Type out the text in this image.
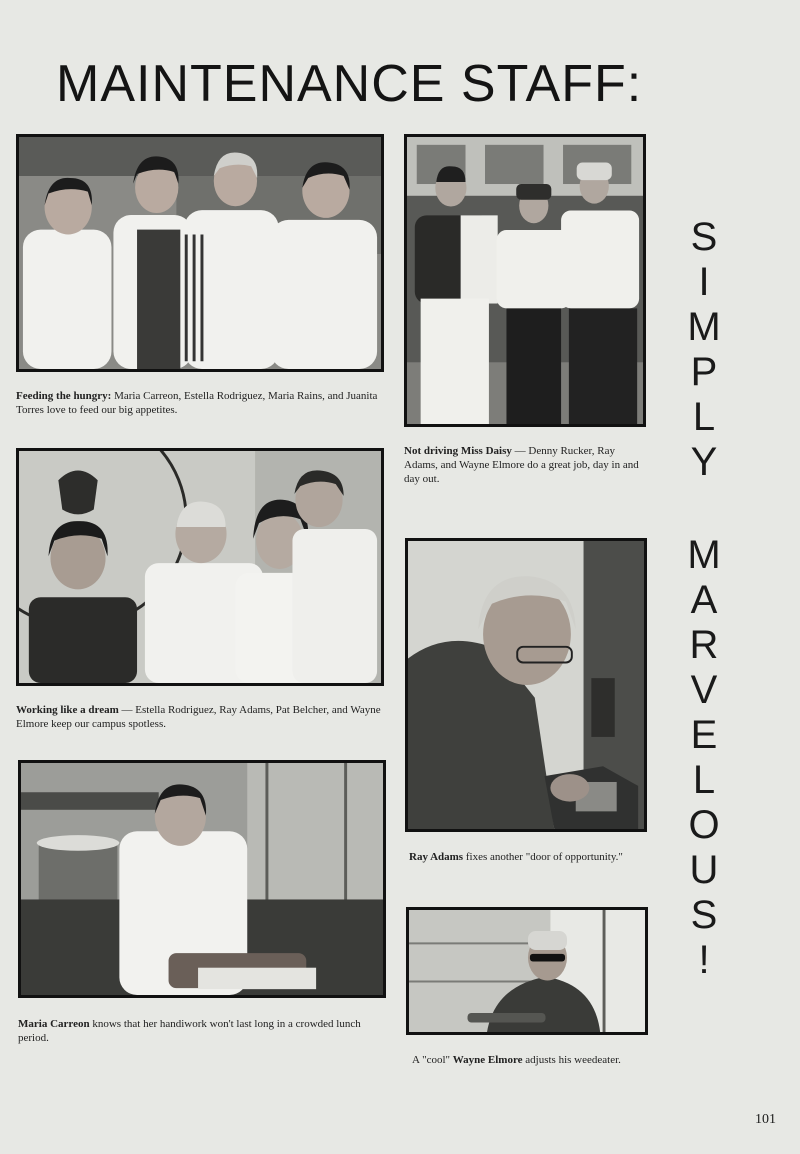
MAINTENANCE STAFF:
Feeding the hungry: Maria Carreon, Estella Rodriguez, Maria Rains, and Juanita Torres love to feed our big appetites.
Not driving Miss Daisy — Denny Rucker, Ray Adams, and Wayne Elmore do a great job, day in and day out.
Working like a dream — Estella Rodriguez, Ray Adams, Pat Belcher, and Wayne Elmore keep our campus spotless.
Ray Adams fixes another "door of opportunity."
Maria Carreon knows that her handiwork won't last long in a crowded lunch period.
A "cool" Wayne Elmore adjusts his weedeater.
S
I
M
P
L
Y
M
A
R
V
E
L
O
U
S
!
101
